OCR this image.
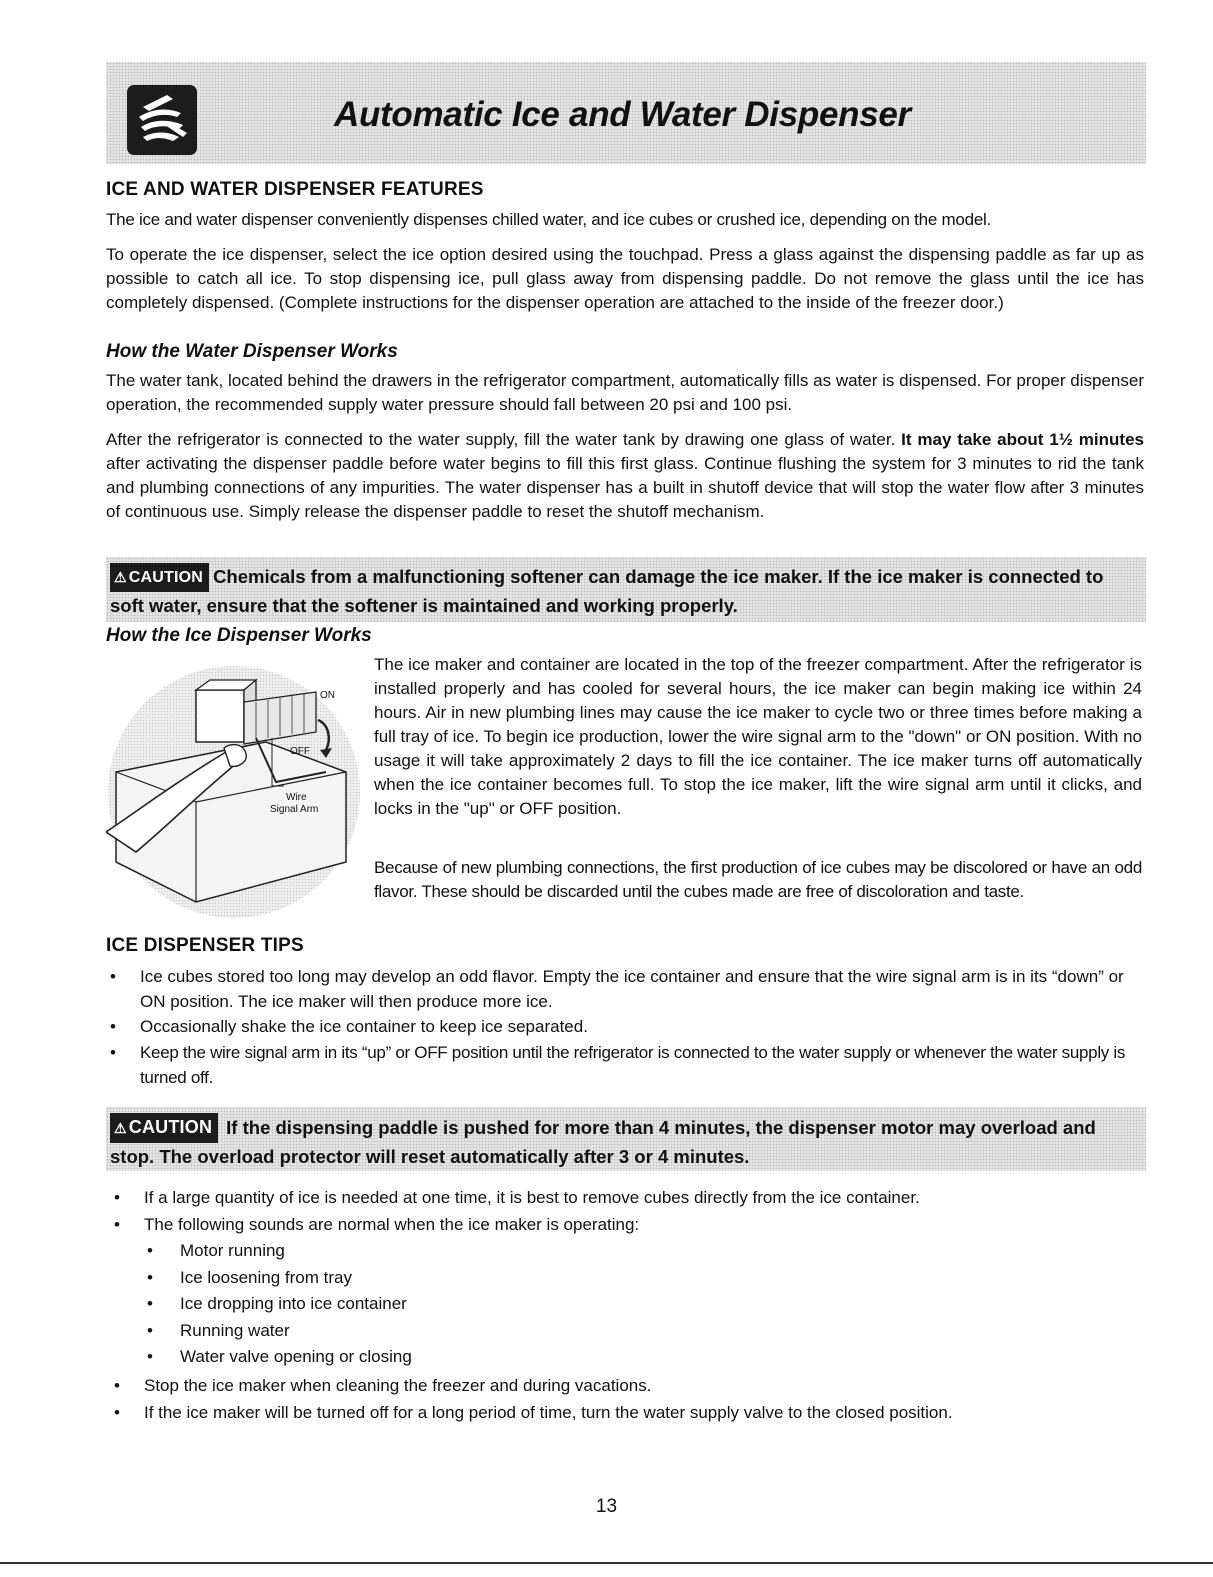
Automatic Ice and Water Dispenser
ICE AND WATER DISPENSER FEATURES
The ice and water dispenser conveniently dispenses chilled water, and ice cubes or crushed ice, depending on the model.
To operate the ice dispenser, select the ice option desired using the touchpad. Press a glass against the dispensing paddle as far up as possible to catch all ice. To stop dispensing ice, pull glass away from dispensing paddle. Do not remove the glass until the ice has completely dispensed. (Complete instructions for the dispenser operation are attached to the inside of the freezer door.)
How the Water Dispenser Works
The water tank, located behind the drawers in the refrigerator compartment, automatically fills as water is dispensed. For proper dispenser operation, the recommended supply water pressure should fall between 20 psi and 100 psi.
After the refrigerator is connected to the water supply, fill the water tank by drawing one glass of water. It may take about 1½ minutes after activating the dispenser paddle before water begins to fill this first glass. Continue flushing the system for 3 minutes to rid the tank and plumbing connections of any impurities. The water dispenser has a built in shutoff device that will stop the water flow after 3 minutes of continuous use. Simply release the dispenser paddle to reset the shutoff mechanism.
⚠ CAUTION Chemicals from a malfunctioning softener can damage the ice maker. If the ice maker is connected to soft water, ensure that the softener is maintained and working properly.
How the Ice Dispenser Works
ON
OFF
Wire
Signal Arm
The ice maker and container are located in the top of the freezer compartment. After the refrigerator is installed properly and has cooled for several hours, the ice maker can begin making ice within 24 hours. Air in new plumbing lines may cause the ice maker to cycle two or three times before making a full tray of ice. To begin ice production, lower the wire signal arm to the "down" or ON position. With no usage it will take approximately 2 days to fill the ice container. The ice maker turns off automatically when the ice container becomes full. To stop the ice maker, lift the wire signal arm until it clicks, and locks in the "up" or OFF position.
Because of new plumbing connections, the first production of ice cubes may be discolored or have an odd flavor. These should be discarded until the cubes made are free of discoloration and taste.
ICE DISPENSER TIPS
• Ice cubes stored too long may develop an odd flavor. Empty the ice container and ensure that the wire signal arm is in its “down” or ON position. The ice maker will then produce more ice.
• Occasionally shake the ice container to keep ice separated.
• Keep the wire signal arm in its “up” or OFF position until the refrigerator is connected to the water supply or whenever the water supply is turned off.
⚠ CAUTION If the dispensing paddle is pushed for more than 4 minutes, the dispenser motor may overload and stop. The overload protector will reset automatically after 3 or 4 minutes.
• If a large quantity of ice is needed at one time, it is best to remove cubes directly from the ice container.
• The following sounds are normal when the ice maker is operating:
• Motor running
• Ice loosening from tray
• Ice dropping into ice container
• Running water
• Water valve opening or closing
• Stop the ice maker when cleaning the freezer and during vacations.
• If the ice maker will be turned off for a long period of time, turn the water supply valve to the closed position.
13
